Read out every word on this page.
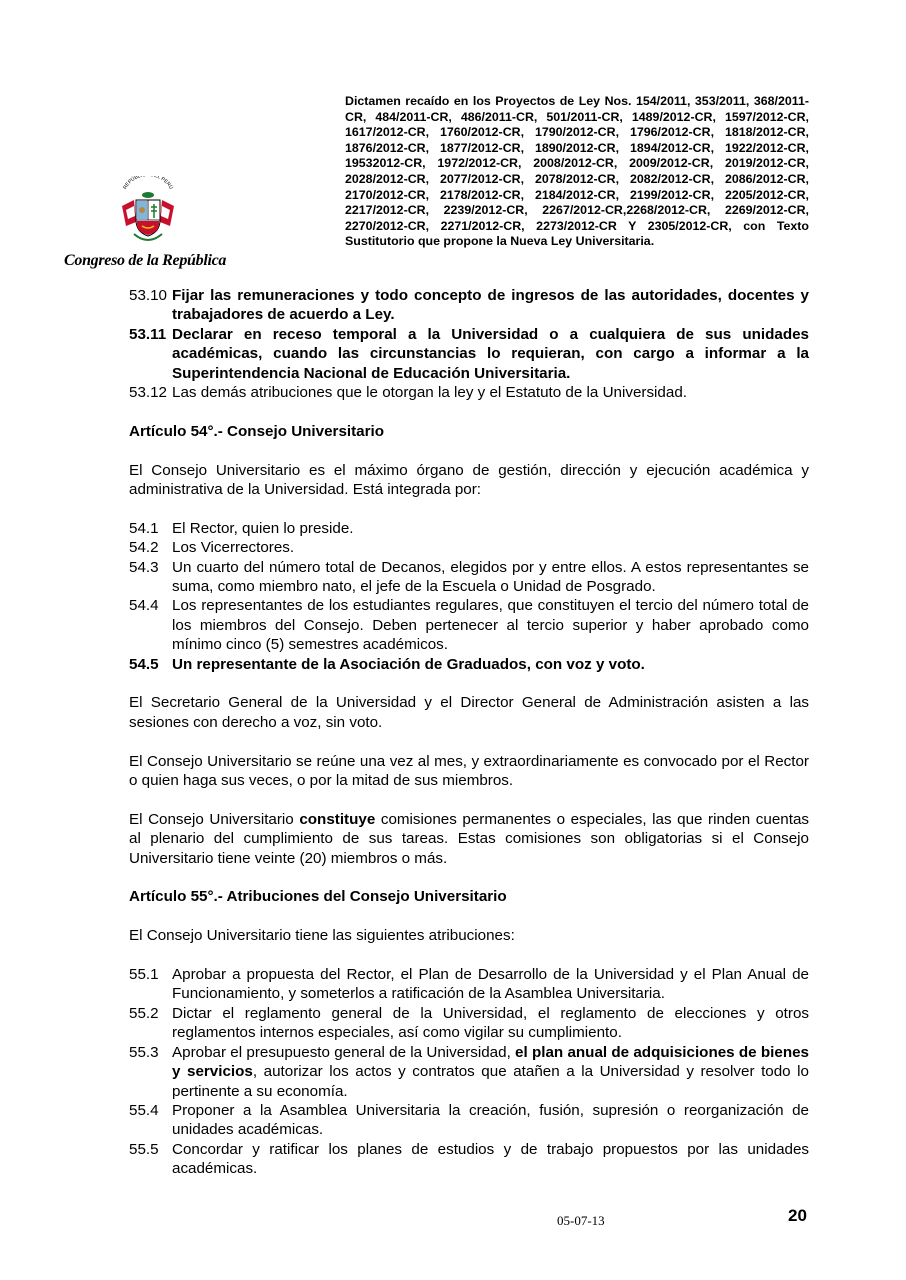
REPÚBL EL PERÚ
Congreso de la República
Dictamen recaído en los Proyectos de Ley Nos. 154/2011, 353/2011, 368/2011-CR, 484/2011-CR, 486/2011-CR, 501/2011-CR, 1489/2012-CR, 1597/2012-CR, 1617/2012-CR, 1760/2012-CR, 1790/2012-CR, 1796/2012-CR, 1818/2012-CR, 1876/2012-CR, 1877/2012-CR, 1890/2012-CR, 1894/2012-CR, 1922/2012-CR, 19532012-CR, 1972/2012-CR, 2008/2012-CR, 2009/2012-CR, 2019/2012-CR, 2028/2012-CR, 2077/2012-CR, 2078/2012-CR, 2082/2012-CR, 2086/2012-CR, 2170/2012-CR, 2178/2012-CR, 2184/2012-CR, 2199/2012-CR, 2205/2012-CR, 2217/2012-CR, 2239/2012-CR, 2267/2012-CR,2268/2012-CR, 2269/2012-CR, 2270/2012-CR, 2271/2012-CR, 2273/2012-CR Y 2305/2012-CR, con Texto Sustitutorio que propone la Nueva Ley Universitaria.
53.10 Fijar las remuneraciones y todo concepto de ingresos de las autoridades, docentes y trabajadores de acuerdo a Ley.
53.11 Declarar en receso temporal a la Universidad o a cualquiera de sus unidades académicas, cuando las circunstancias lo requieran, con cargo a informar a la Superintendencia Nacional de Educación Universitaria.
53.12 Las demás atribuciones que le otorgan la ley y el Estatuto de la Universidad.
Artículo 54°.- Consejo Universitario

El Consejo Universitario es el máximo órgano de gestión, dirección y ejecución académica y administrativa de la Universidad. Está integrada por:

54.1 El Rector, quien lo preside.
54.2 Los Vicerrectores.
54.3 Un cuarto del número total de Decanos, elegidos por y entre ellos. A estos representantes se suma, como miembro nato, el jefe de la Escuela o Unidad de Posgrado.
54.4 Los representantes de los estudiantes regulares, que constituyen el tercio del número total de los miembros del Consejo. Deben pertenecer al tercio superior y haber aprobado como mínimo cinco (5) semestres académicos.
54.5 Un representante de la Asociación de Graduados, con voz y voto.

El Secretario General de la Universidad y el Director General de Administración asisten a las sesiones con derecho a voz, sin voto.

El Consejo Universitario se reúne una vez al mes, y extraordinariamente es convocado por el Rector o quien haga sus veces, o por la mitad de sus miembros.

El Consejo Universitario constituye comisiones permanentes o especiales, las que rinden cuentas al plenario del cumplimiento de sus tareas. Estas comisiones son obligatorias si el Consejo Universitario tiene veinte (20) miembros o más.

Artículo 55°.- Atribuciones del Consejo Universitario

El Consejo Universitario tiene las siguientes atribuciones:

55.1 Aprobar a propuesta del Rector, el Plan de Desarrollo de la Universidad y el Plan Anual de Funcionamiento, y someterlos a ratificación de la Asamblea Universitaria.
55.2 Dictar el reglamento general de la Universidad, el reglamento de elecciones y otros reglamentos internos especiales, así como vigilar su cumplimiento.
55.3 Aprobar el presupuesto general de la Universidad, el plan anual de adquisiciones de bienes y servicios, autorizar los actos y contratos que atañen a la Universidad y resolver todo lo pertinente a su economía.
55.4 Proponer a la Asamblea Universitaria la creación, fusión, supresión o reorganización de unidades académicas.
55.5 Concordar y ratificar los planes de estudios y de trabajo propuestos por las unidades académicas.
05-07-13	20
